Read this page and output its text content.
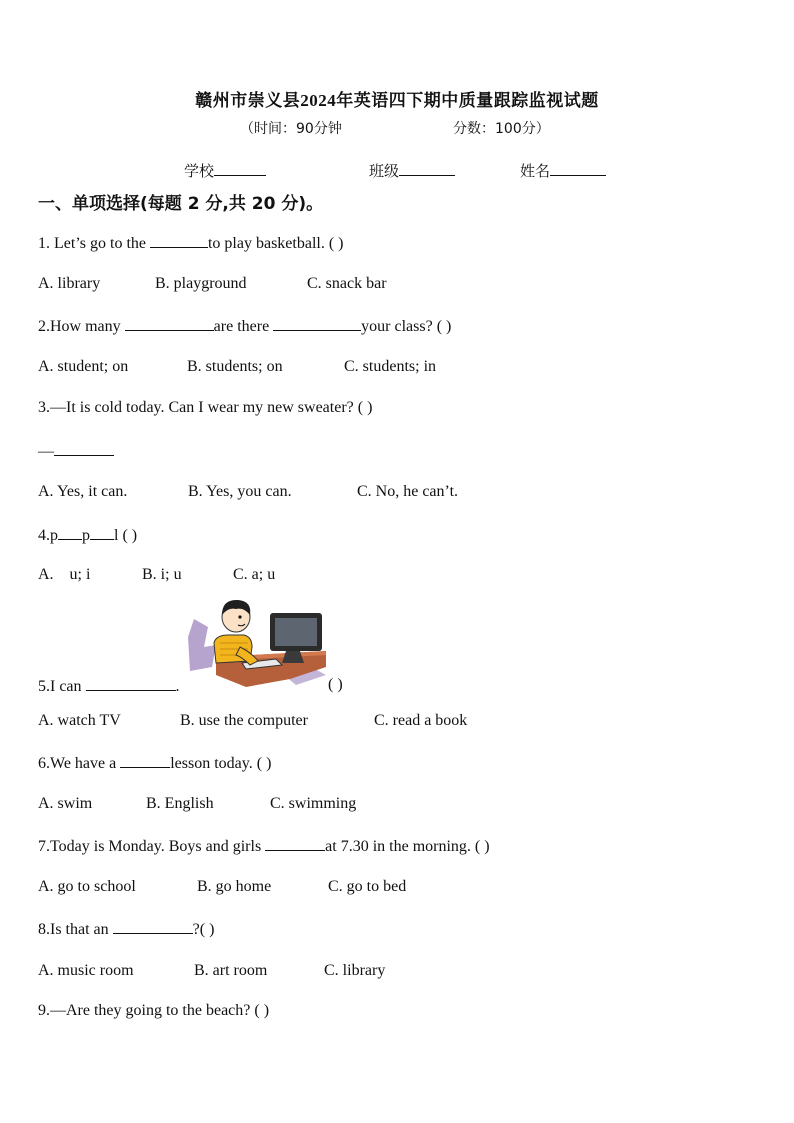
赣州市崇义县2024年英语四下期中质量跟踪监视试题
（时间：90分钟	分数：100分）
学校	班级	姓名
一、单项选择(每题 2 分,共 20 分)。
1. Let’s go to the	to play basketball. ( )
A. library	B. playground	C. snack bar
2.How many	are there	your class? ( )
A. student; on	B. students; on	C. students; in
3.—It is cold today. Can I wear my new sweater? ( )
—
A. Yes, it can.	B. Yes, you can.	C. No, he can’t.
4.p p l ( )
A.    u; i	B. i; u	C. a; u
5.I can	.	( )
A. watch TV	B. use the computer	C. read a book
6.We have a	lesson today. ( )
A. swim	B. English	C. swimming
7.Today is Monday. Boys and girls	at 7.30 in the morning. ( )
A. go to school	B. go home	C. go to bed
8.Is that an	?( )
A. music room	B. art room	C. library
9.—Are they going to the beach? ( )
